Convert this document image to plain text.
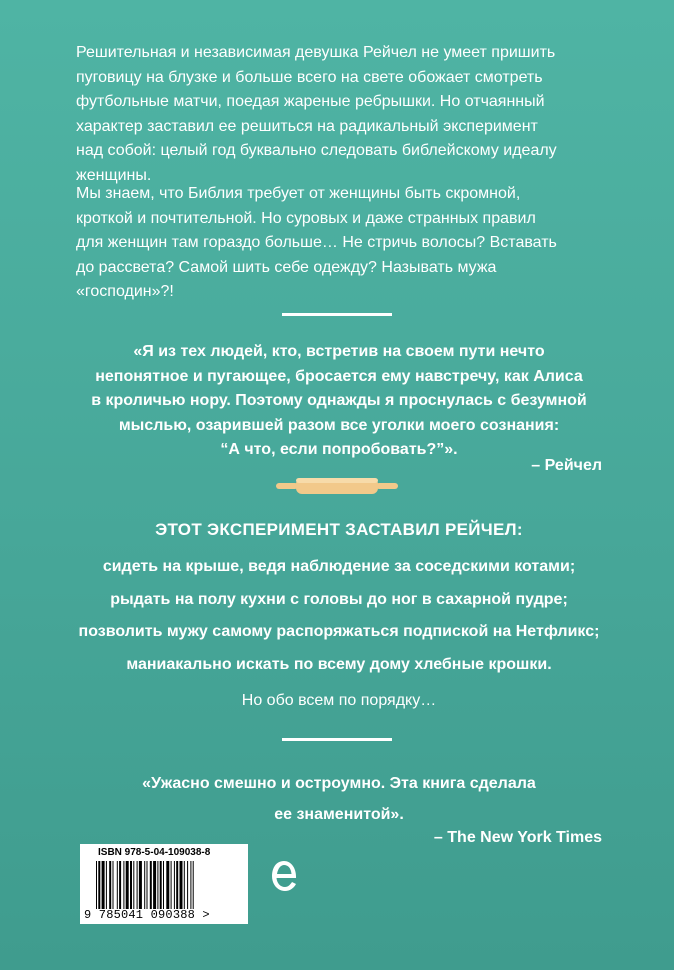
Решительная и независимая девушка Рейчел не умеет пришить
пуговицу на блузке и больше всего на свете обожает смотреть
футбольные матчи, поедая жареные ребрышки. Но отчаянный
характер заставил ее решиться на радикальный эксперимент
над собой: целый год буквально следовать библейскому идеалу
женщины.

Мы знаем, что Библия требует от женщины быть скромной,
кроткой и почтительной. Но суровых и даже странных правил
для женщин там гораздо больше… Не стричь волосы? Вставать
до рассвета? Самой шить себе одежду? Называть мужа
«господин»?!

«Я из тех людей, кто, встретив на своем пути нечто
непонятное и пугающее, бросается ему навстречу, как Алиса
в кроличью нору. Поэтому однажды я проснулась с безумной
мыслью, озарившей разом все уголки моего сознания:
“А что, если попробовать?”».
– Рейчел
ЭТОТ ЭКСПЕРИМЕНТ ЗАСТАВИЛ РЕЙЧЕЛ:
сидеть на крыше, ведя наблюдение за соседскими котами;
рыдать на полу кухни с головы до ног в сахарной пудре;
позволить мужу самому распоряжаться подпиской на Нетфликс;
маниакально искать по всему дому хлебные крошки.
Но обо всем по порядку…
«Ужасно смешно и остроумно. Эта книга сделала
ее знаменитой».
– The New York Times
ISBN 978-5-04-109038-8
9 785041 090388 >
